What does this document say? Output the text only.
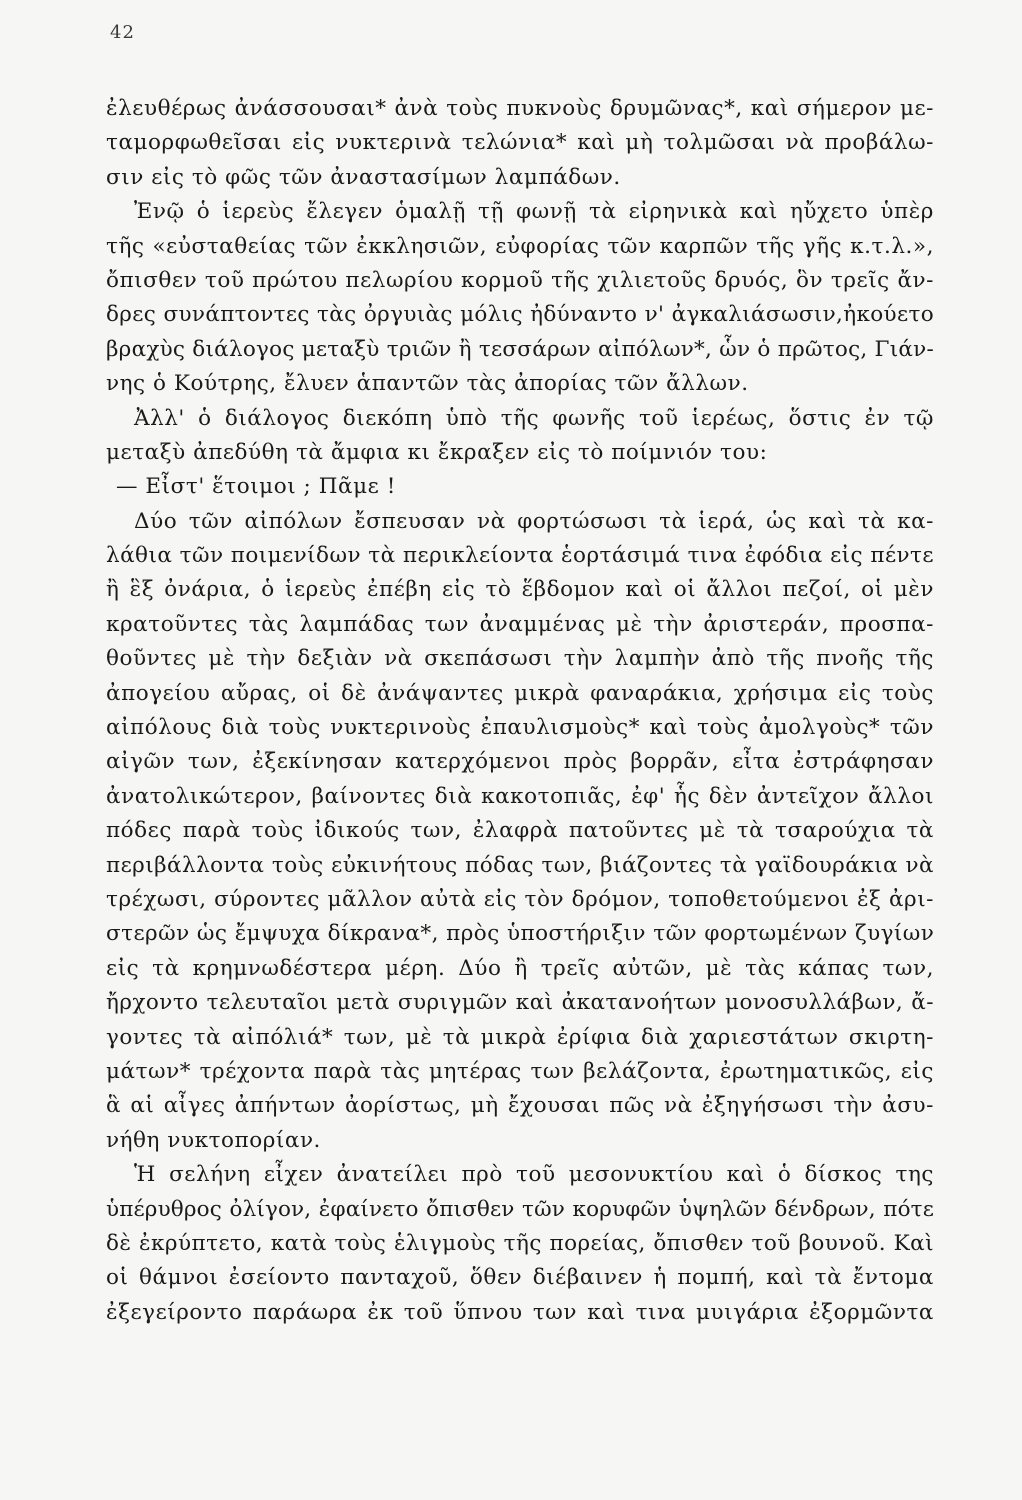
42
ἐλευθέρως ἀνάσσουσαι* ἀνὰ τοὺς πυκνοὺς δρυμῶνας*, καὶ σήμερον με-
ταμορφωθεῖσαι εἰς νυκτερινὰ τελώνια* καὶ μὴ τολμῶσαι νὰ προβάλω-
σιν εἰς τὸ φῶς τῶν ἀναστασίμων λαμπάδων.
Ἐνῷ ὁ ἱερεὺς ἔλεγεν ὁμαλῇ τῇ φωνῇ τὰ εἰρηνικὰ καὶ ηὔχετο ὑπὲρ
τῆς «εὐσταθείας τῶν ἐκκλησιῶν, εὐφορίας τῶν καρπῶν τῆς γῆς κ.τ.λ.»,
ὄπισθεν τοῦ πρώτου πελωρίου κορμοῦ τῆς χιλιετοῦς δρυός, ὃν τρεῖς ἄν-
δρες συνάπτοντες τὰς ὀργυιὰς μόλις ἠδύναντο ν' ἀγκαλιάσωσιν,ἠκούετο
βραχὺς διάλογος μεταξὺ τριῶν ἢ τεσσάρων αἰπόλων*, ὧν ὁ πρῶτος, Γιάν-
νης ὁ Κούτρης, ἔλυεν ἁπαντῶν τὰς ἀπορίας τῶν ἄλλων.
Ἀλλ' ὁ διάλογος διεκόπη ὑπὸ τῆς φωνῆς τοῦ ἱερέως, ὅστις ἐν τῷ
μεταξὺ ἀπεδύθη τὰ ἄμφια κι ἔκραξεν εἰς τὸ ποίμνιόν του:
— Εἶστ' ἕτοιμοι ; Πᾶμε !
Δύο τῶν αἰπόλων ἔσπευσαν νὰ φορτώσωσι τὰ ἱερά, ὡς καὶ τὰ κα-
λάθια τῶν ποιμενίδων τὰ περικλείοντα ἑορτάσιμά τινα ἐφόδια εἰς πέντε
ἢ ἓξ ὀνάρια, ὁ ἱερεὺς ἐπέβη εἰς τὸ ἕβδομον καὶ οἱ ἄλλοι πεζοί, οἱ μὲν
κρατοῦντες τὰς λαμπάδας των ἀναμμένας μὲ τὴν ἀριστεράν, προσπα-
θοῦντες μὲ τὴν δεξιὰν νὰ σκεπάσωσι τὴν λαμπὴν ἀπὸ τῆς πνοῆς τῆς
ἀπογείου αὔρας, οἱ δὲ ἀνάψαντες μικρὰ φαναράκια, χρήσιμα εἰς τοὺς
αἰπόλους διὰ τοὺς νυκτερινοὺς ἐπαυλισμοὺς* καὶ τοὺς ἀμολγοὺς* τῶν
αἰγῶν των, ἐξεκίνησαν κατερχόμενοι πρὸς βορρᾶν, εἶτα ἐστράφησαν
ἀνατολικώτερον, βαίνοντες διὰ κακοτοπιᾶς, ἐφ' ἧς δὲν ἀντεῖχον ἄλλοι
πόδες παρὰ τοὺς ἰδικούς των, ἐλαφρὰ πατοῦντες μὲ τὰ τσαρούχια τὰ
περιβάλλοντα τοὺς εὐκινήτους πόδας των, βιάζοντες τὰ γαϊδουράκια νὰ
τρέχωσι, σύροντες μᾶλλον αὐτὰ εἰς τὸν δρόμον, τοποθετούμενοι ἐξ ἀρι-
στερῶν ὡς ἔμψυχα δίκρανα*, πρὸς ὑποστήριξιν τῶν φορτωμένων ζυγίων
εἰς τὰ κρημνωδέστερα μέρη. Δύο ἢ τρεῖς αὐτῶν, μὲ τὰς κάπας των,
ἤρχοντο τελευταῖοι μετὰ συριγμῶν καὶ ἀκατανοήτων μονοσυλλάβων, ἄ-
γοντες τὰ αἰπόλιά* των, μὲ τὰ μικρὰ ἐρίφια διὰ χαριεστάτων σκιρτη-
μάτων* τρέχοντα παρὰ τὰς μητέρας των βελάζοντα, ἐρωτηματικῶς, εἰς
ἃ αἱ αἶγες ἀπήντων ἀορίστως, μὴ ἔχουσαι πῶς νὰ ἐξηγήσωσι τὴν ἀσυ-
νήθη νυκτοπορίαν.
Ἡ σελήνη εἶχεν ἀνατείλει πρὸ τοῦ μεσονυκτίου καὶ ὁ δίσκος της
ὑπέρυθρος ὀλίγον, ἐφαίνετο ὄπισθεν τῶν κορυφῶν ὑψηλῶν δένδρων, πότε
δὲ ἐκρύπτετο, κατὰ τοὺς ἑλιγμοὺς τῆς πορείας, ὄπισθεν τοῦ βουνοῦ. Καὶ
οἱ θάμνοι ἐσείοντο πανταχοῦ, ὅθεν διέβαινεν ἡ πομπή, καὶ τὰ ἔντομα
ἐξεγείροντο παράωρα ἐκ τοῦ ὕπνου των καὶ τινα μυιγάρια ἐξορμῶντα
